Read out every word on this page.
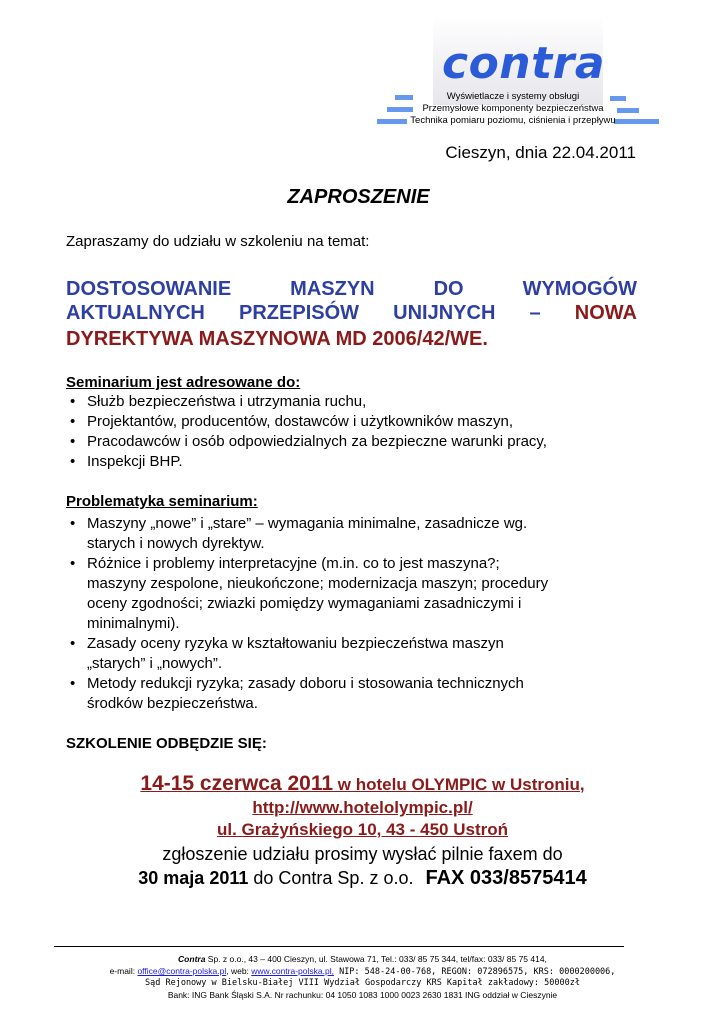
contra
Wyświetlacze i systemy obsługi
Przemysłowe komponenty bezpieczeństwa
Technika pomiaru poziomu, ciśnienia i przepływu
Cieszyn, dnia 22.04.2011
ZAPROSZENIE
Zapraszamy do udziału w szkoleniu na temat:
DOSTOSOWANIE MASZYN DO WYMOGÓW
AKTUALNYCH PRZEPISÓW UNIJNYCH – NOWA
DYREKTYWA MASZYNOWA MD 2006/42/WE.
Seminarium jest adresowane do:
• Służb bezpieczeństwa i utrzymania ruchu,
• Projektantów, producentów, dostawców i użytkowników maszyn,
• Pracodawców i osób odpowiedzialnych za bezpieczne warunki pracy,
• Inspekcji BHP.
Problematyka seminarium:
• Maszyny „nowe” i „stare” – wymagania minimalne, zasadnicze wg.
starych i nowych dyrektyw.
• Różnice i problemy interpretacyjne (m.in. co to jest maszyna?;
maszyny zespolone, nieukończone; modernizacja maszyn; procedury
oceny zgodności; zwiazki pomiędzy wymaganiami zasadniczymi i
minimalnymi).
• Zasady oceny ryzyka w kształtowaniu bezpieczeństwa maszyn
„starych” i „nowych”.
• Metody redukcji ryzyka; zasady doboru i stosowania technicznych
środków bezpieczeństwa.
SZKOLENIE ODBĘDZIE SIĘ:
14-15 czerwca 2011 w hotelu OLYMPIC w Ustroniu,
http://www.hotelolympic.pl/
ul. Grażyńskiego 10, 43 - 450 Ustroń
zgłoszenie udziału prosimy wysłać pilnie faxem do
30 maja 2011 do Contra Sp. z o.o. FAX 033/8575414
Contra Sp. z o.o., 43 – 400 Cieszyn, ul. Stawowa 71, Tel.: 033/ 85 75 344, tel/fax: 033/ 85 75 414,
e-mail: office@contra-polska.pl, web: www.contra-polska.pl, NIP: 548-24-00-768, REGON: 072896575, KRS: 0000200006,
Sąd Rejonowy w Bielsku-Białej VIII Wydział Gospodarczy KRS Kapitał zakładowy: 50000zł
Bank: ING Bank Śląski S.A. Nr rachunku: 04 1050 1083 1000 0023 2630 1831 ING oddział w Cieszynie
